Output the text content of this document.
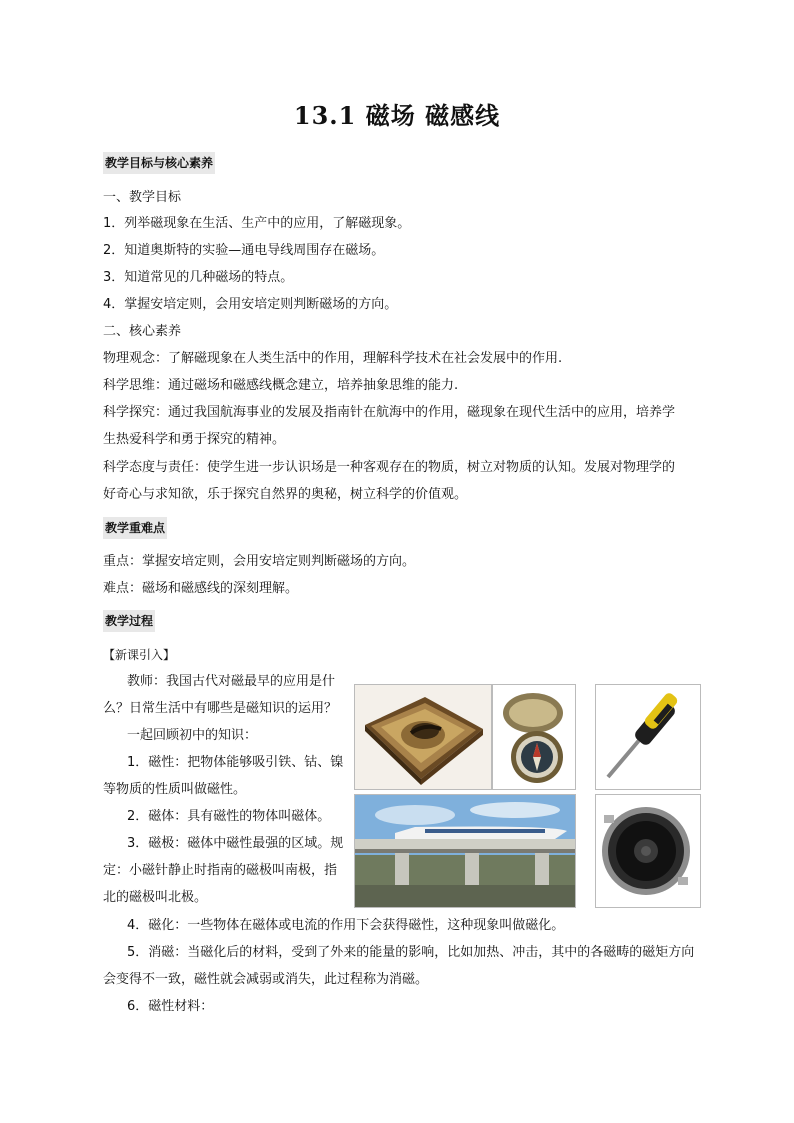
13.1 磁场 磁感线
教学目标与核心素养
一、教学目标
1．列举磁现象在生活、生产中的应用，了解磁现象。
2．知道奥斯特的实验—通电导线周围存在磁场。
3．知道常见的几种磁场的特点。
4．掌握安培定则，会用安培定则判断磁场的方向。
二、核心素养
物理观念：了解磁现象在人类生活中的作用，理解科学技术在社会发展中的作用.
科学思维：通过磁场和磁感线概念建立，培养抽象思维的能力.
科学探究：通过我国航海事业的发展及指南针在航海中的作用，磁现象在现代生活中的应用，培养学
生热爱科学和勇于探究的精神。
科学态度与责任：使学生进一步认识场是一种客观存在的物质，树立对物质的认知。发展对物理学的
好奇心与求知欲，乐于探究自然界的奥秘，树立科学的价值观。
教学重难点
重点：掌握安培定则，会用安培定则判断磁场的方向。
难点：磁场和磁感线的深刻理解。
教学过程
【新课引入】
教师：我国古代对磁最早的应用是什
么？日常生活中有哪些是磁知识的运用？
一起回顾初中的知识：
1．磁性：把物体能够吸引铁、钴、镍
等物质的性质叫做磁性。
2．磁体：具有磁性的物体叫磁体。
3．磁极：磁体中磁性最强的区域。规
定：小磁针静止时指南的磁极叫南极，指
北的磁极叫北极。
4．磁化：一些物体在磁体或电流的作用下会获得磁性，这种现象叫做磁化。
5．消磁：当磁化后的材料，受到了外来的能量的影响，比如加热、冲击，其中的各磁畴的磁矩方向
会变得不一致，磁性就会减弱或消失，此过程称为消磁。
6．磁性材料：
